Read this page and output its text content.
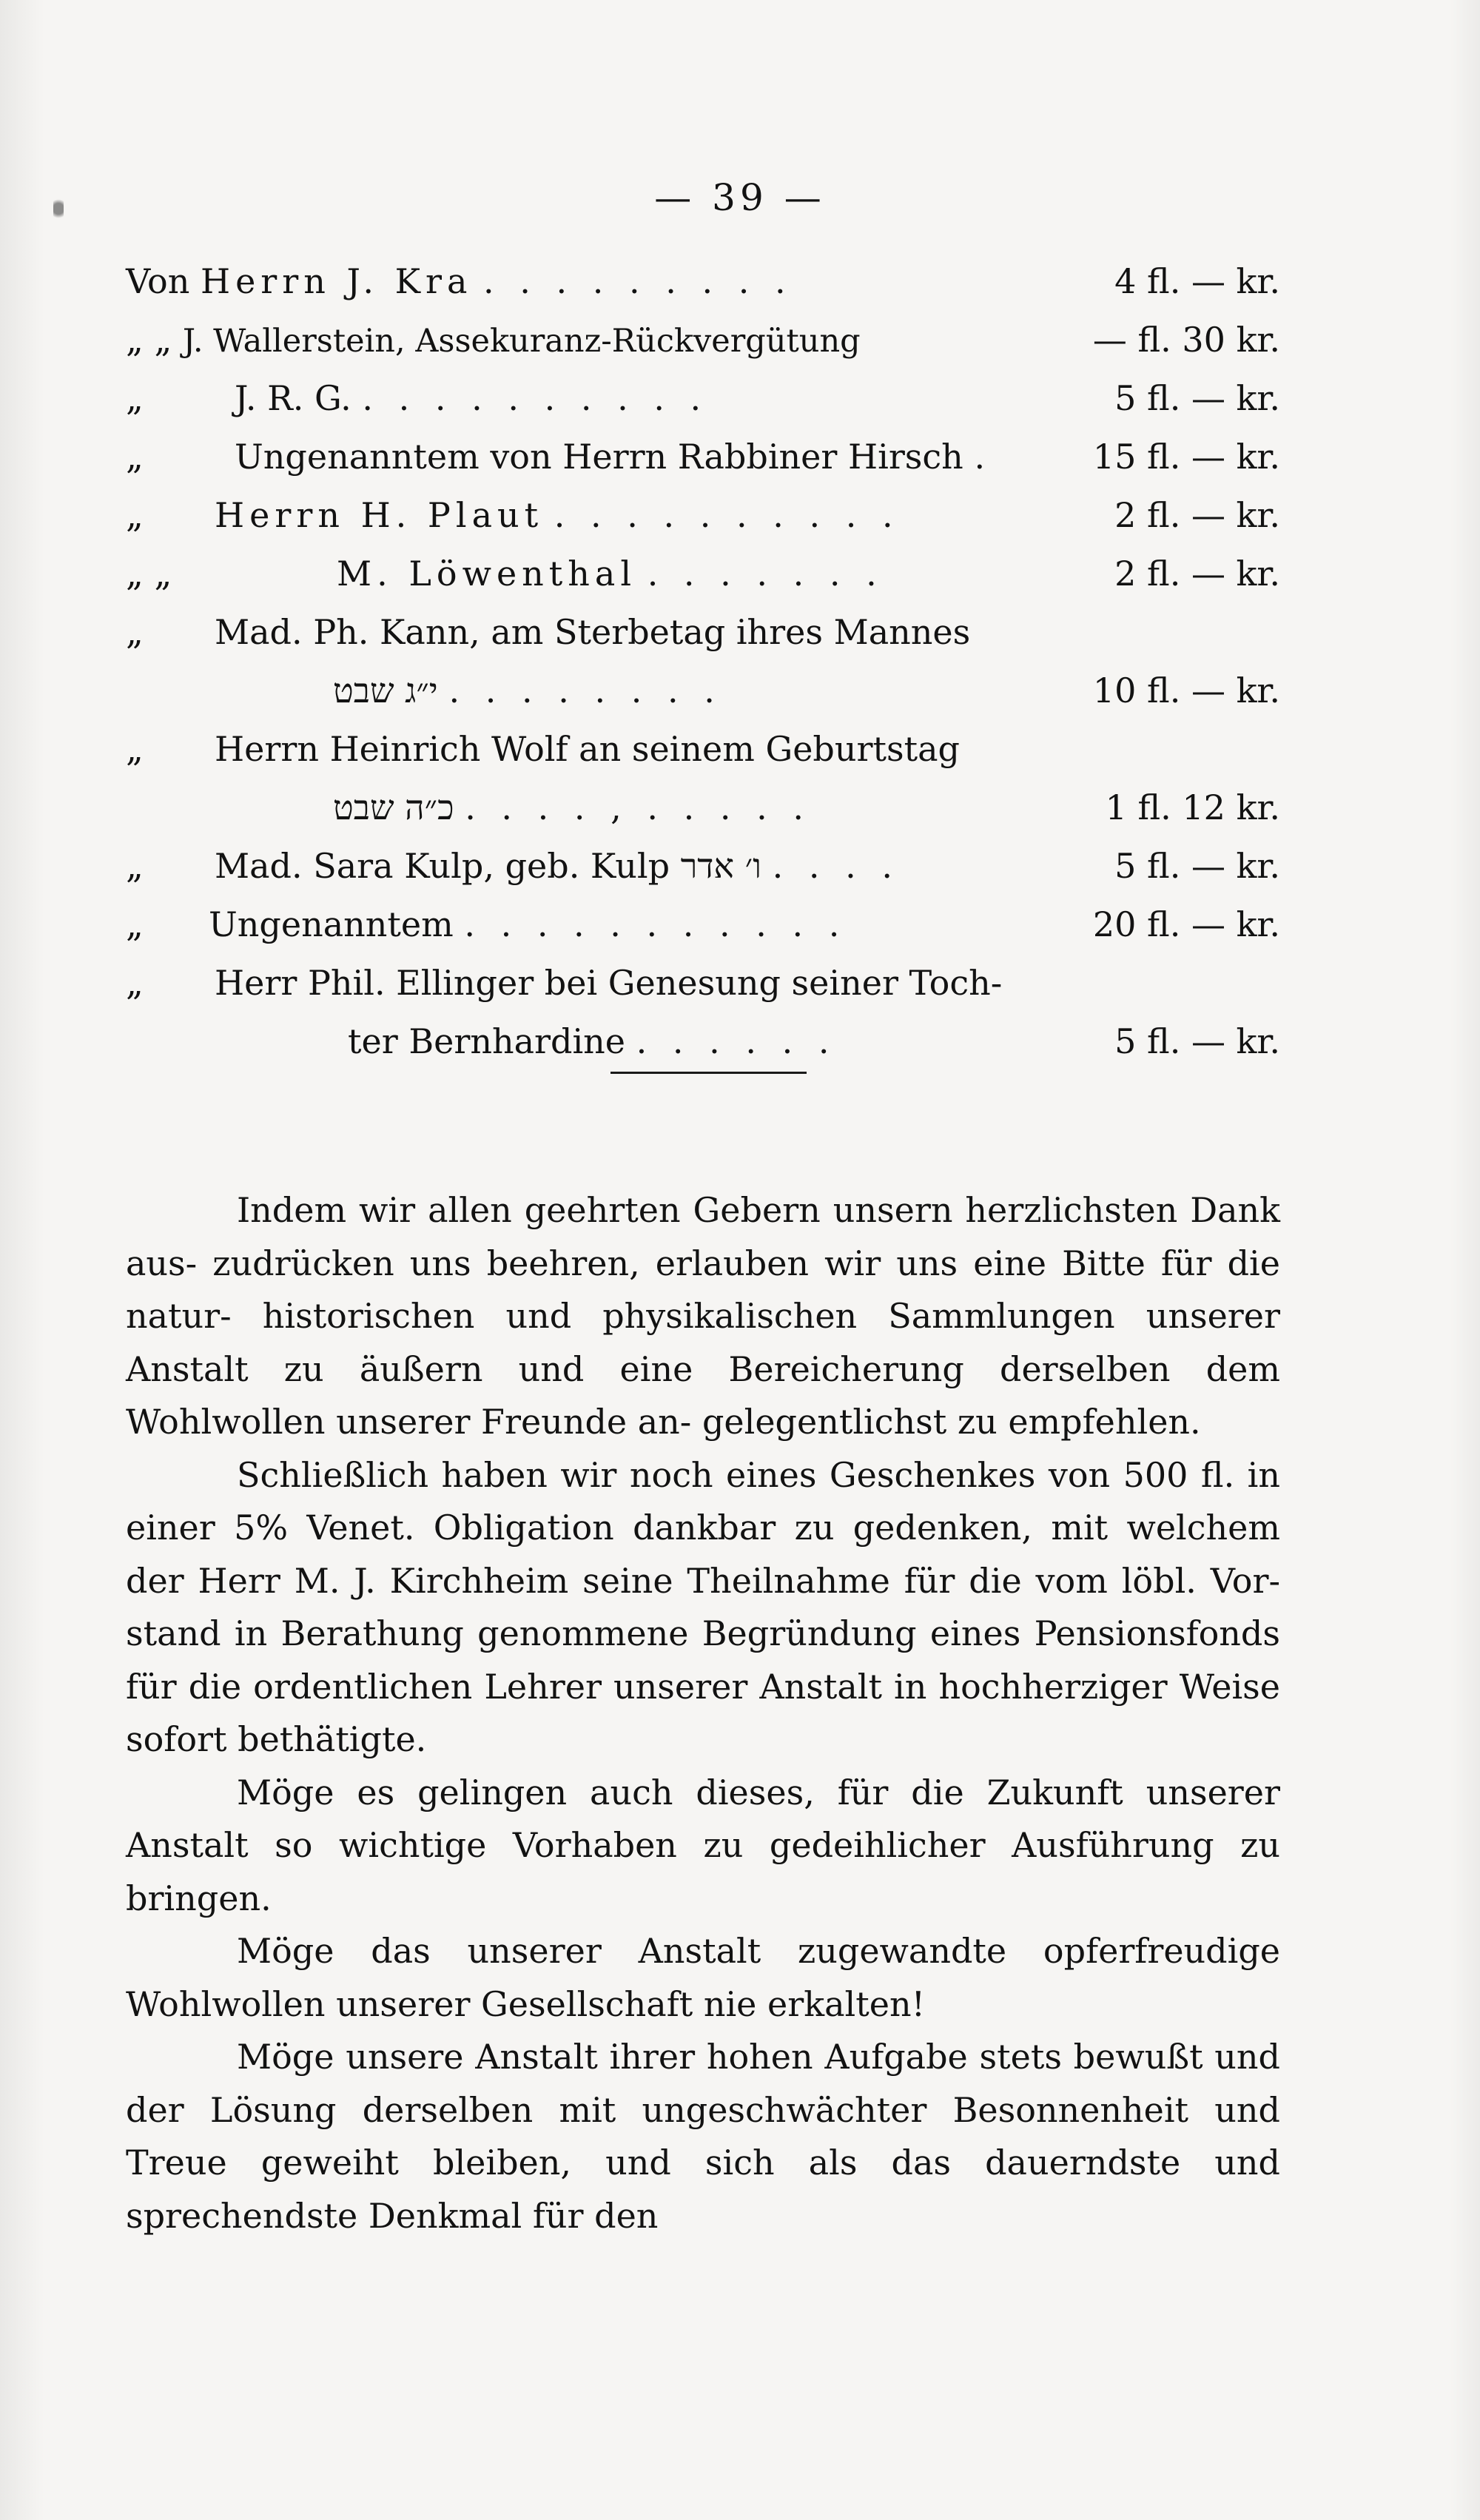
— 39 —
Von Herrn J. Kra . . . . . . . . .	4 fl. — kr.
„ „ J. Wallerstein, Assekuranz-Rückvergütung	— fl. 30 kr.
„	J. R. G. . . . . . . . . . .	5 fl. — kr.
„	Ungenanntem von Herrn Rabbiner Hirsch .	15 fl. — kr.
„	Herrn H. Plaut . . . . . . . . . .	2 fl. — kr.
„ „	M. Löwenthal . . . . . . .	2 fl. — kr.
„	Mad. Ph. Kann, am Sterbetag ihres Mannes
י״ג שבט . . . . . . . .	10 fl. — kr.
„	Herrn Heinrich Wolf an seinem Geburtstag
כ״ה שבט . . . . , . . . . .	1 fl. 12 kr.
„	Mad. Sara Kulp, geb. Kulp ו׳ אדר . . . .	5 fl. — kr.
„	Ungenanntem . . . . . . . . . . .	20 fl. — kr.
„	Herr Phil. Ellinger bei Genesung seiner Toch-
ter Bernhardine . . . . . .	5 fl. — kr.

Indem wir allen geehrten Gebern unsern herzlichsten Dank aus- zudrücken uns beehren, erlauben wir uns eine Bitte für die natur- historischen und physikalischen Sammlungen unserer Anstalt zu äußern und eine Bereicherung derselben dem Wohlwollen unserer Freunde an- gelegentlichst zu empfehlen.

Schließlich haben wir noch eines Geschenkes von 500 fl. in einer 5% Venet. Obligation dankbar zu gedenken, mit welchem der Herr M. J. Kirchheim seine Theilnahme für die vom löbl. Vor- stand in Berathung genommene Begründung eines Pensionsfonds für die ordentlichen Lehrer unserer Anstalt in hochherziger Weise sofort bethätigte.

Möge es gelingen auch dieses, für die Zukunft unserer Anstalt so wichtige Vorhaben zu gedeihlicher Ausführung zu bringen.

Möge das unserer Anstalt zugewandte opferfreudige Wohlwollen unserer Gesellschaft nie erkalten!

Möge unsere Anstalt ihrer hohen Aufgabe stets bewußt und der Lösung derselben mit ungeschwächter Besonnenheit und Treue geweiht bleiben, und sich als das dauerndste und sprechendste Denkmal für den
